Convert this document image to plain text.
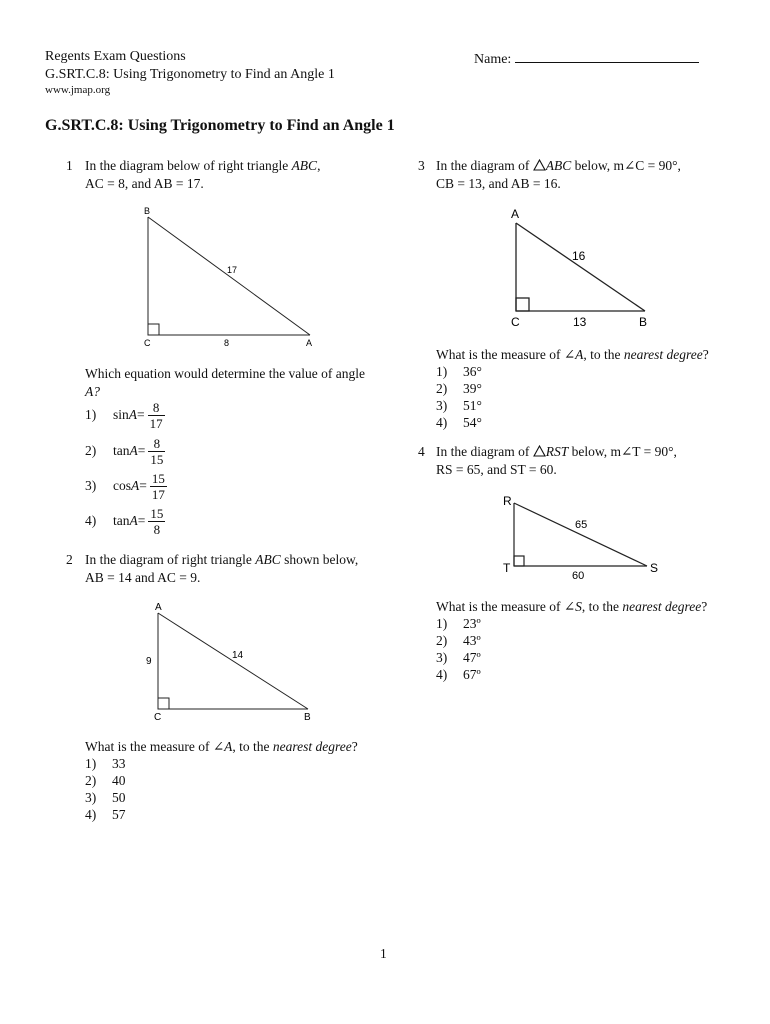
Regents Exam Questions
G.SRT.C.8: Using Trigonometry to Find an Angle 1
www.jmap.org
Name:
G.SRT.C.8: Using Trigonometry to Find an Angle 1
1 In the diagram below of right triangle ABC,
AC = 8, and AB = 17.
B
C	A
17
8
Which equation would determine the value of angle
A?
1)	$\sin A = \frac{8}{17}$
2)	$\tan A = \frac{8}{15}$
3)	$\cos A = \frac{15}{17}$
4)	$\tan A = \frac{15}{8}$
2 In the diagram of right triangle ABC shown below,
AB = 14 and AC = 9.
A
C	B
14
9
What is the measure of ∠A, to the nearest degree?
1) 33
2) 40
3) 50
4) 57
3 In the diagram of ABC below, m∠C = 90°,
CB = 13, and AB = 16.
A
C	B
16
13
What is the measure of ∠A, to the nearest degree?
1) 36°
2) 39°
3) 51°
4) 54°
4 In the diagram of RST below, m∠T = 90°,
RS = 65, and ST = 60.
R
T	S
65
60
What is the measure of ∠S, to the nearest degree?
1) 23º
2) 43º
3) 47º
4) 67º
1
